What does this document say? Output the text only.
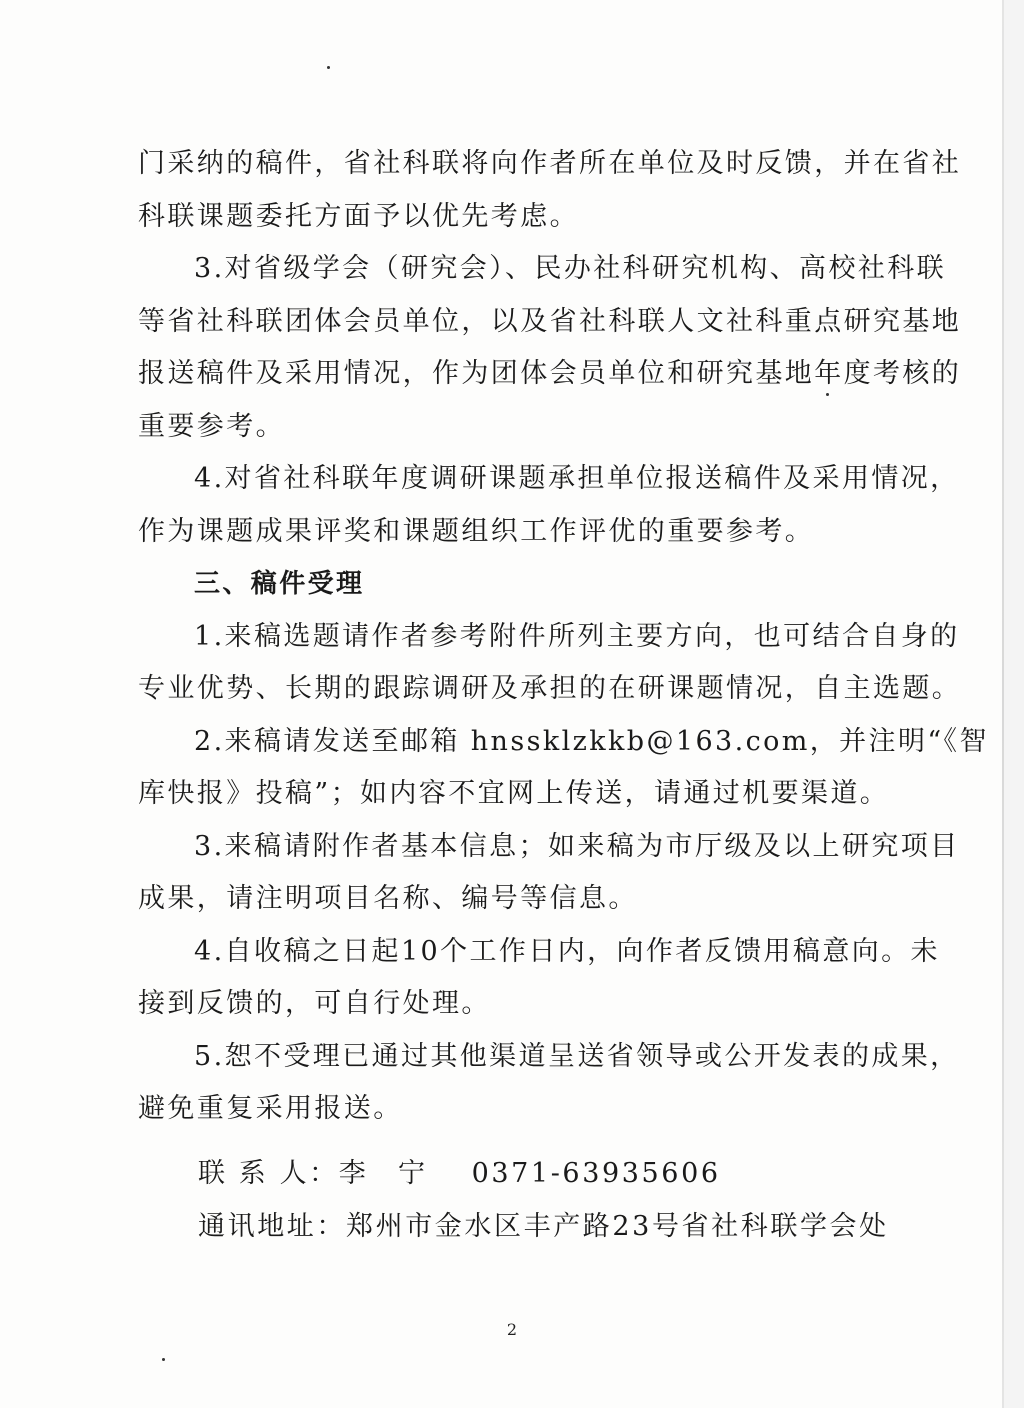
门采纳的稿件，省社科联将向作者所在单位及时反馈，并在省社
科联课题委托方面予以优先考虑。
3.对省级学会（研究会）、民办社科研究机构、高校社科联
等省社科联团体会员单位，以及省社科联人文社科重点研究基地
报送稿件及采用情况，作为团体会员单位和研究基地年度考核的
重要参考。
4.对省社科联年度调研课题承担单位报送稿件及采用情况，
作为课题成果评奖和课题组织工作评优的重要参考。
三、稿件受理
1.来稿选题请作者参考附件所列主要方向，也可结合自身的
专业优势、长期的跟踪调研及承担的在研课题情况，自主选题。
2.来稿请发送至邮箱 hnssklzkkb@163.com，并注明“《智
库快报》投稿”；如内容不宜网上传送，请通过机要渠道。
3.来稿请附作者基本信息；如来稿为市厅级及以上研究项目
成果，请注明项目名称、编号等信息。
4.自收稿之日起10个工作日内，向作者反馈用稿意向。未
接到反馈的，可自行处理。
5.恕不受理已通过其他渠道呈送省领导或公开发表的成果，
避免重复采用报送。
联 系 人：李　宁 0371-63935606
通讯地址：郑州市金水区丰产路23号省社科联学会处
2
